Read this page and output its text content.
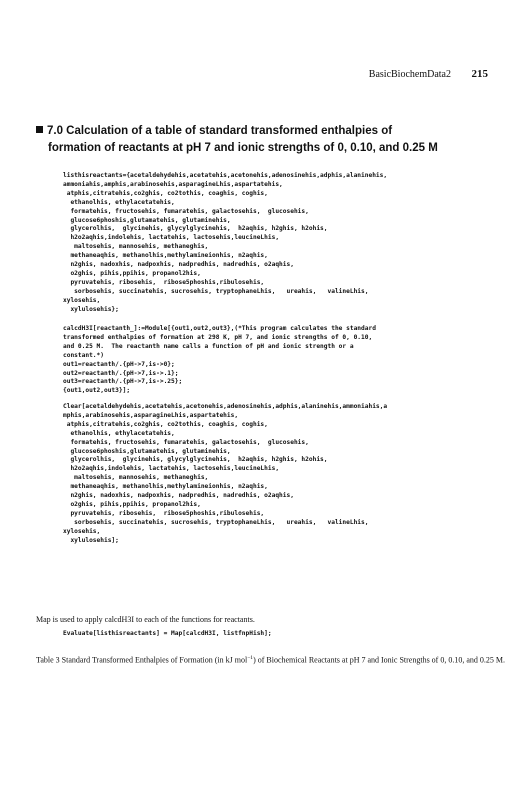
BasicBiochemData2 215
7.0 Calculation of a table of standard transformed enthalpies of
formation of reactants at pH 7 and ionic strengths of 0, 0.10, and 0.25 M
listhisreactants={acetaldehydehis,acetatehis,acetonehis,adenosinehis,adphis,alaninehis,
ammoniahis,amphis,arabinosehis,asparagineLhis,aspartatehis,
atphis,citratehis,co2ghis, co2tothis, coaghis, coghis,
ethanolhis, ethylacetatehis,
formatehis, fructosehis, fumaratehis, galactosehis,  glucosehis,
glucose6phoshis,glutamatehis, glutaminehis,
glycerolhis,  glycinehis, glycylglycinehis,  h2aqhis, h2ghis, h2ohis,
h2o2aqhis,indolehis, lactatehis, lactosehis,leucineLhis,
maltosehis, mannosehis, methaneghis,
methaneaqhis, methanolhis,methylamineionhis, n2aqhis,
n2ghis, nadoxhis, nadpoxhis, nadpredhis, nadredhis, o2aqhis,
o2ghis, pihis,ppihis, propanol2his,
pyruvatehis, ribosehis,  ribose5phoshis,ribulosehis,
sorbosehis, succinatehis, sucrosehis, tryptophaneLhis,   ureahis,   valineLhis,
xylosehis,
xylulosehis};
calcdH3I[reactanth_]:=Module[{out1,out2,out3},(*This program calculates the standard
transformed enthalpies of formation at 298 K, pH 7, and ionic strengths of 0, 0.10,
and 0.25 M.  The reactanth name calls a function of pH and ionic strength or a
constant.*)
out1=reactanth/.{pH->7,is->0};
out2=reactanth/.{pH->7,is->.1};
out3=reactanth/.{pH->7,is->.25};
{out1,out2,out3}];
Clear[acetaldehydehis,acetatehis,acetonehis,adenosinehis,adphis,alaninehis,ammoniahis,a
mphis,arabinosehis,asparagineLhis,aspartatehis,
atphis,citratehis,co2ghis, co2tothis, coaghis, coghis,
ethanolhis, ethylacetatehis,
formatehis, fructosehis, fumaratehis, galactosehis,  glucosehis,
glucose6phoshis,glutamatehis, glutaminehis,
glycerolhis,  glycinehis, glycylglycinehis,  h2aqhis, h2ghis, h2ohis,
h2o2aqhis,indolehis, lactatehis, lactosehis,leucineLhis,
maltosehis, mannosehis, methaneghis,
methaneaqhis, methanolhis,methylamineionhis, n2aqhis,
n2ghis, nadoxhis, nadpoxhis, nadpredhis, nadredhis, o2aqhis,
o2ghis, pihis,ppihis, propanol2his,
pyruvatehis, ribosehis,  ribose5phoshis,ribulosehis,
sorbosehis, succinatehis, sucrosehis, tryptophaneLhis,   ureahis,   valineLhis,
xylosehis,
xylulosehis];
Map is used to apply calcdH3I to each of the functions for reactants.
Evaluate[listhisreactants] = Map[calcdH3I, listfnpHish];
Table 3 Standard Transformed Enthalpies of Formation (in kJ mol$^{-1}$) of Biochemical Reactants at pH 7 and Ionic Strengths of 0, 0.10, and 0.25 M.
